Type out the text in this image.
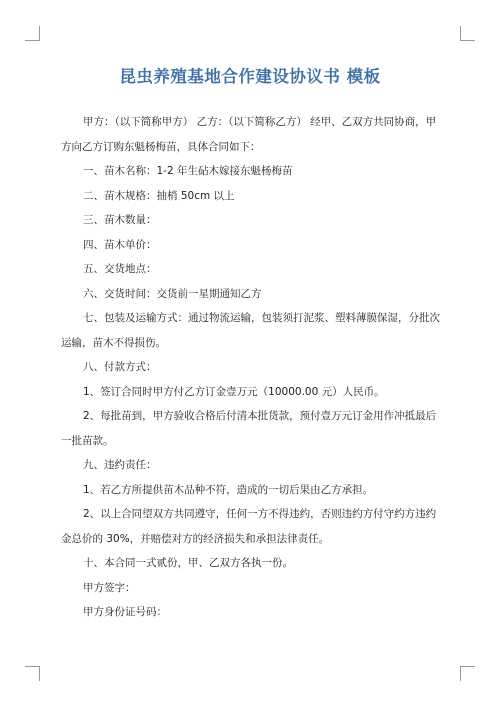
昆虫养殖基地合作建设协议书 模板

甲方：（以下简称甲方） 乙方：（以下简称乙方） 经甲、乙双方共同协商，甲方向乙方订购东魁杨梅苗，具体合同如下：

一、苗木名称：1-2 年生砧木嫁接东魁杨梅苗

二、苗木规格：抽梢 50cm 以上

三、苗木数量：

四、苗木单价：

五、交货地点：

六、交货时间：交货前一星期通知乙方

七、包装及运输方式：通过物流运输，包装须打泥浆、塑料薄膜保湿，分批次运输，苗木不得损伤。

八、付款方式：

1、签订合同时甲方付乙方订金壹万元（10000.00 元）人民币。

2、每批苗到，甲方验收合格后付清本批货款，预付壹万元订金用作冲抵最后一批苗款。

九、违约责任：

1、若乙方所提供苗木品种不符，造成的一切后果由乙方承担。

2、以上合同望双方共同遵守，任何一方不得违约，否则违约方付守约方违约金总价的 30%，并赔偿对方的经济损失和承担法律责任。

十、本合同一式贰份，甲、乙双方各执一份。

甲方签字：

甲方身份证号码：
